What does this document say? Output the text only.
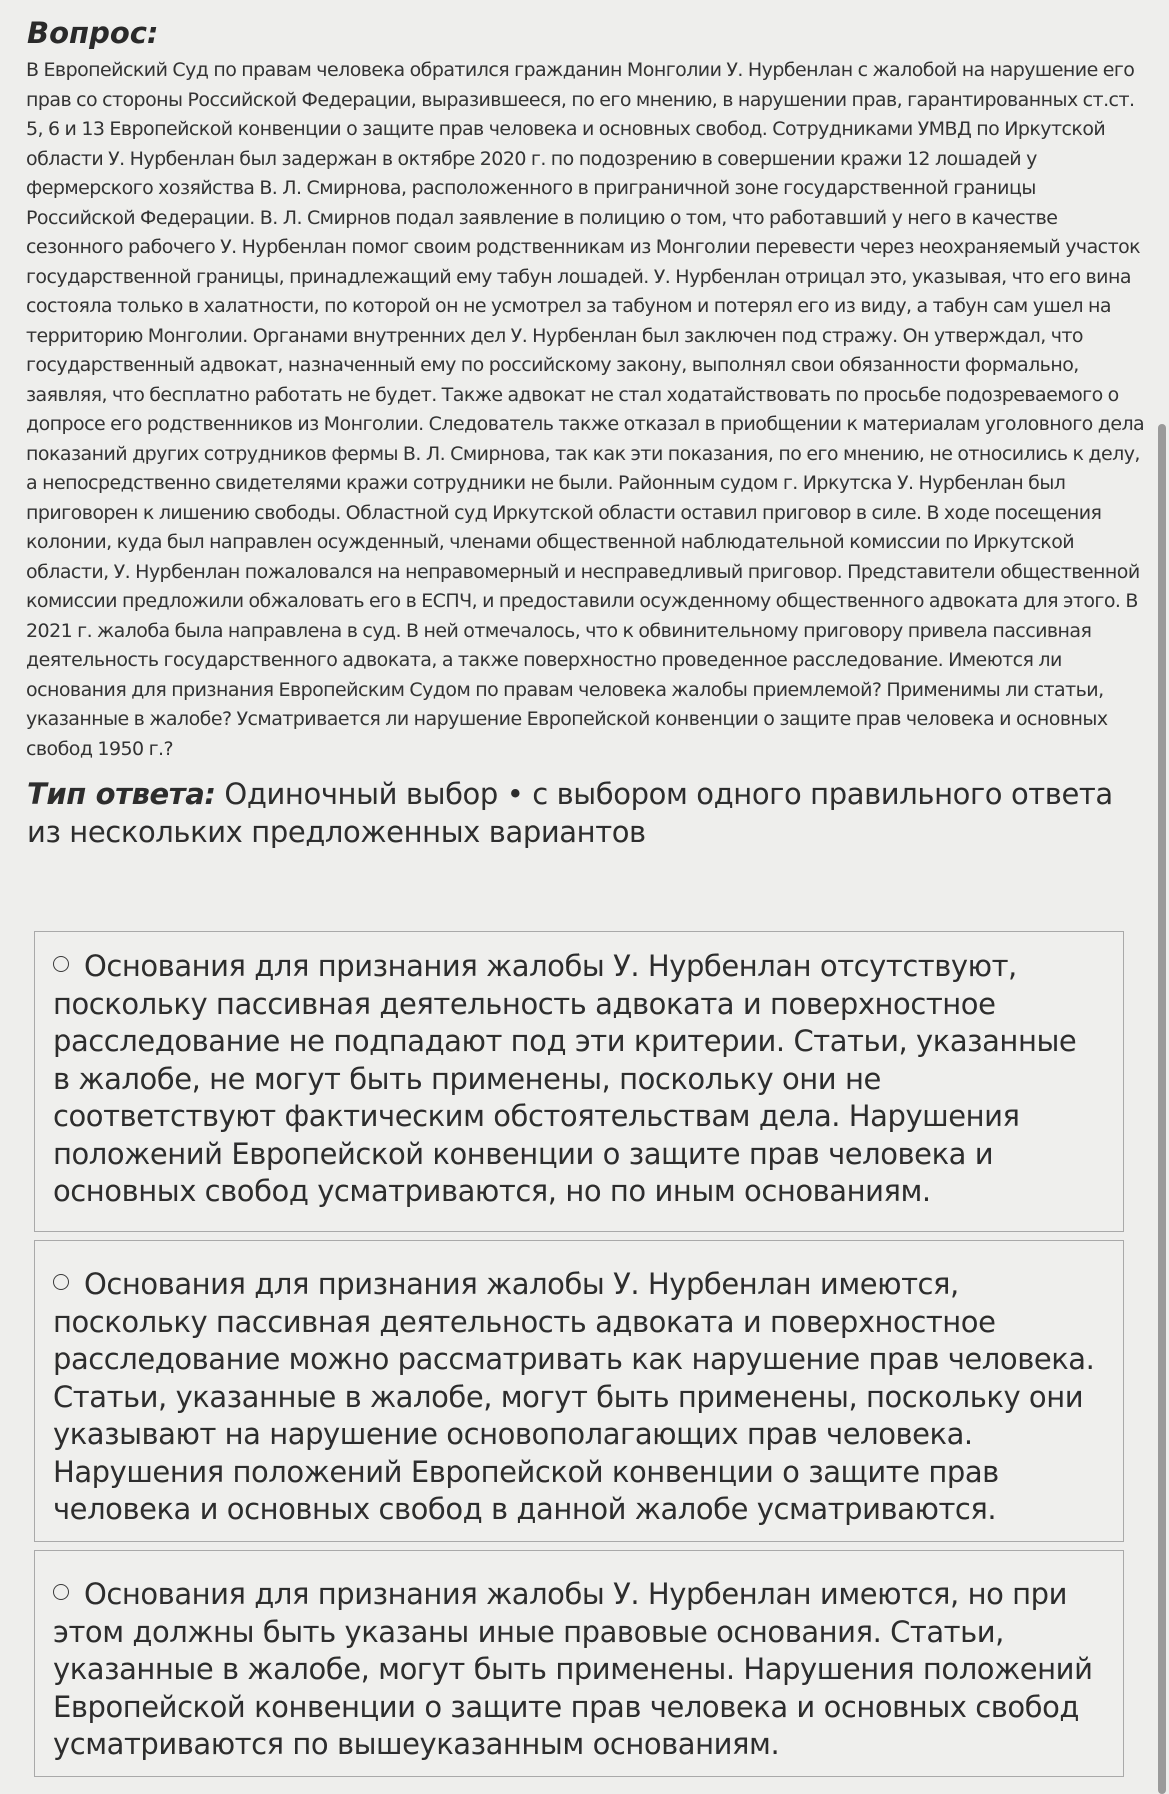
Вопрос:
В Европейский Суд по правам человека обратился гражданин Монголии У. Нурбенлан с жалобой на нарушение его прав со стороны Российской Федерации, выразившееся, по его мнению, в нарушении прав, гарантированных ст.ст. 5, 6 и 13 Европейской конвенции о защите прав человека и основных свобод. Сотрудниками УМВД по Иркутской области У. Нурбенлан был задержан в октябре 2020 г. по подозрению в совершении кражи 12 лошадей у фермерского хозяйства В. Л. Смирнова, расположенного в приграничной зоне государственной границы Российской Федерации. В. Л. Смирнов подал заявление в полицию о том, что работавший у него в качестве сезонного рабочего У. Нурбенлан помог своим родственникам из Монголии перевести через неохраняемый участок государственной границы, принадлежащий ему табун лошадей. У. Нурбенлан отрицал это, указывая, что его вина состояла только в халатности, по которой он не усмотрел за табуном и потерял его из виду, а табун сам ушел на территорию Монголии. Органами внутренних дел У. Нурбенлан был заключен под стражу. Он утверждал, что государственный адвокат, назначенный ему по российскому закону, выполнял свои обязанности формально, заявляя, что бесплатно работать не будет. Также адвокат не стал ходатайствовать по просьбе подозреваемого о допросе его родственников из Монголии. Следователь также отказал в приобщении к материалам уголовного дела показаний других сотрудников фермы В. Л. Смирнова, так как эти показания, по его мнению, не относились к делу, а непосредственно свидетелями кражи сотрудники не были. Районным судом г. Иркутска У. Нурбенлан был приговорен к лишению свободы. Областной суд Иркутской области оставил приговор в силе. В ходе посещения колонии, куда был направлен осужденный, членами общественной наблюдательной комиссии по Иркутской области, У. Нурбенлан пожаловался на неправомерный и несправедливый приговор. Представители общественной комиссии предложили обжаловать его в ЕСПЧ, и предоставили осужденному общественного адвоката для этого. В 2021 г. жалоба была направлена в суд. В ней отмечалось, что к обвинительному приговору привела пассивная деятельность государственного адвоката, а также поверхностно проведенное расследование. Имеются ли основания для признания Европейским Судом по правам человека жалобы приемлемой? Применимы ли статьи, указанные в жалобе? Усматривается ли нарушение Европейской конвенции о защите прав человека и основных свобод 1950 г.?
Тип ответа: Одиночный выбор • с выбором одного правильного ответа из нескольких предложенных вариантов
Основания для признания жалобы У. Нурбенлан отсутствуют, поскольку пассивная деятельность адвоката и поверхностное расследование не подпадают под эти критерии. Статьи, указанные в жалобе, не могут быть применены, поскольку они не соответствуют фактическим обстоятельствам дела. Нарушения положений Европейской конвенции о защите прав человека и основных свобод усматриваются, но по иным основаниям.
Основания для признания жалобы У. Нурбенлан имеются, поскольку пассивная деятельность адвоката и поверхностное расследование можно рассматривать как нарушение прав человека. Статьи, указанные в жалобе, могут быть применены, поскольку они указывают на нарушение основополагающих прав человека. Нарушения положений Европейской конвенции о защите прав человека и основных свобод в данной жалобе усматриваются.
Основания для признания жалобы У. Нурбенлан имеются, но при этом должны быть указаны иные правовые основания. Статьи, указанные в жалобе, могут быть применены. Нарушения положений Европейской конвенции о защите прав человека и основных свобод усматриваются по вышеуказанным основаниям.
